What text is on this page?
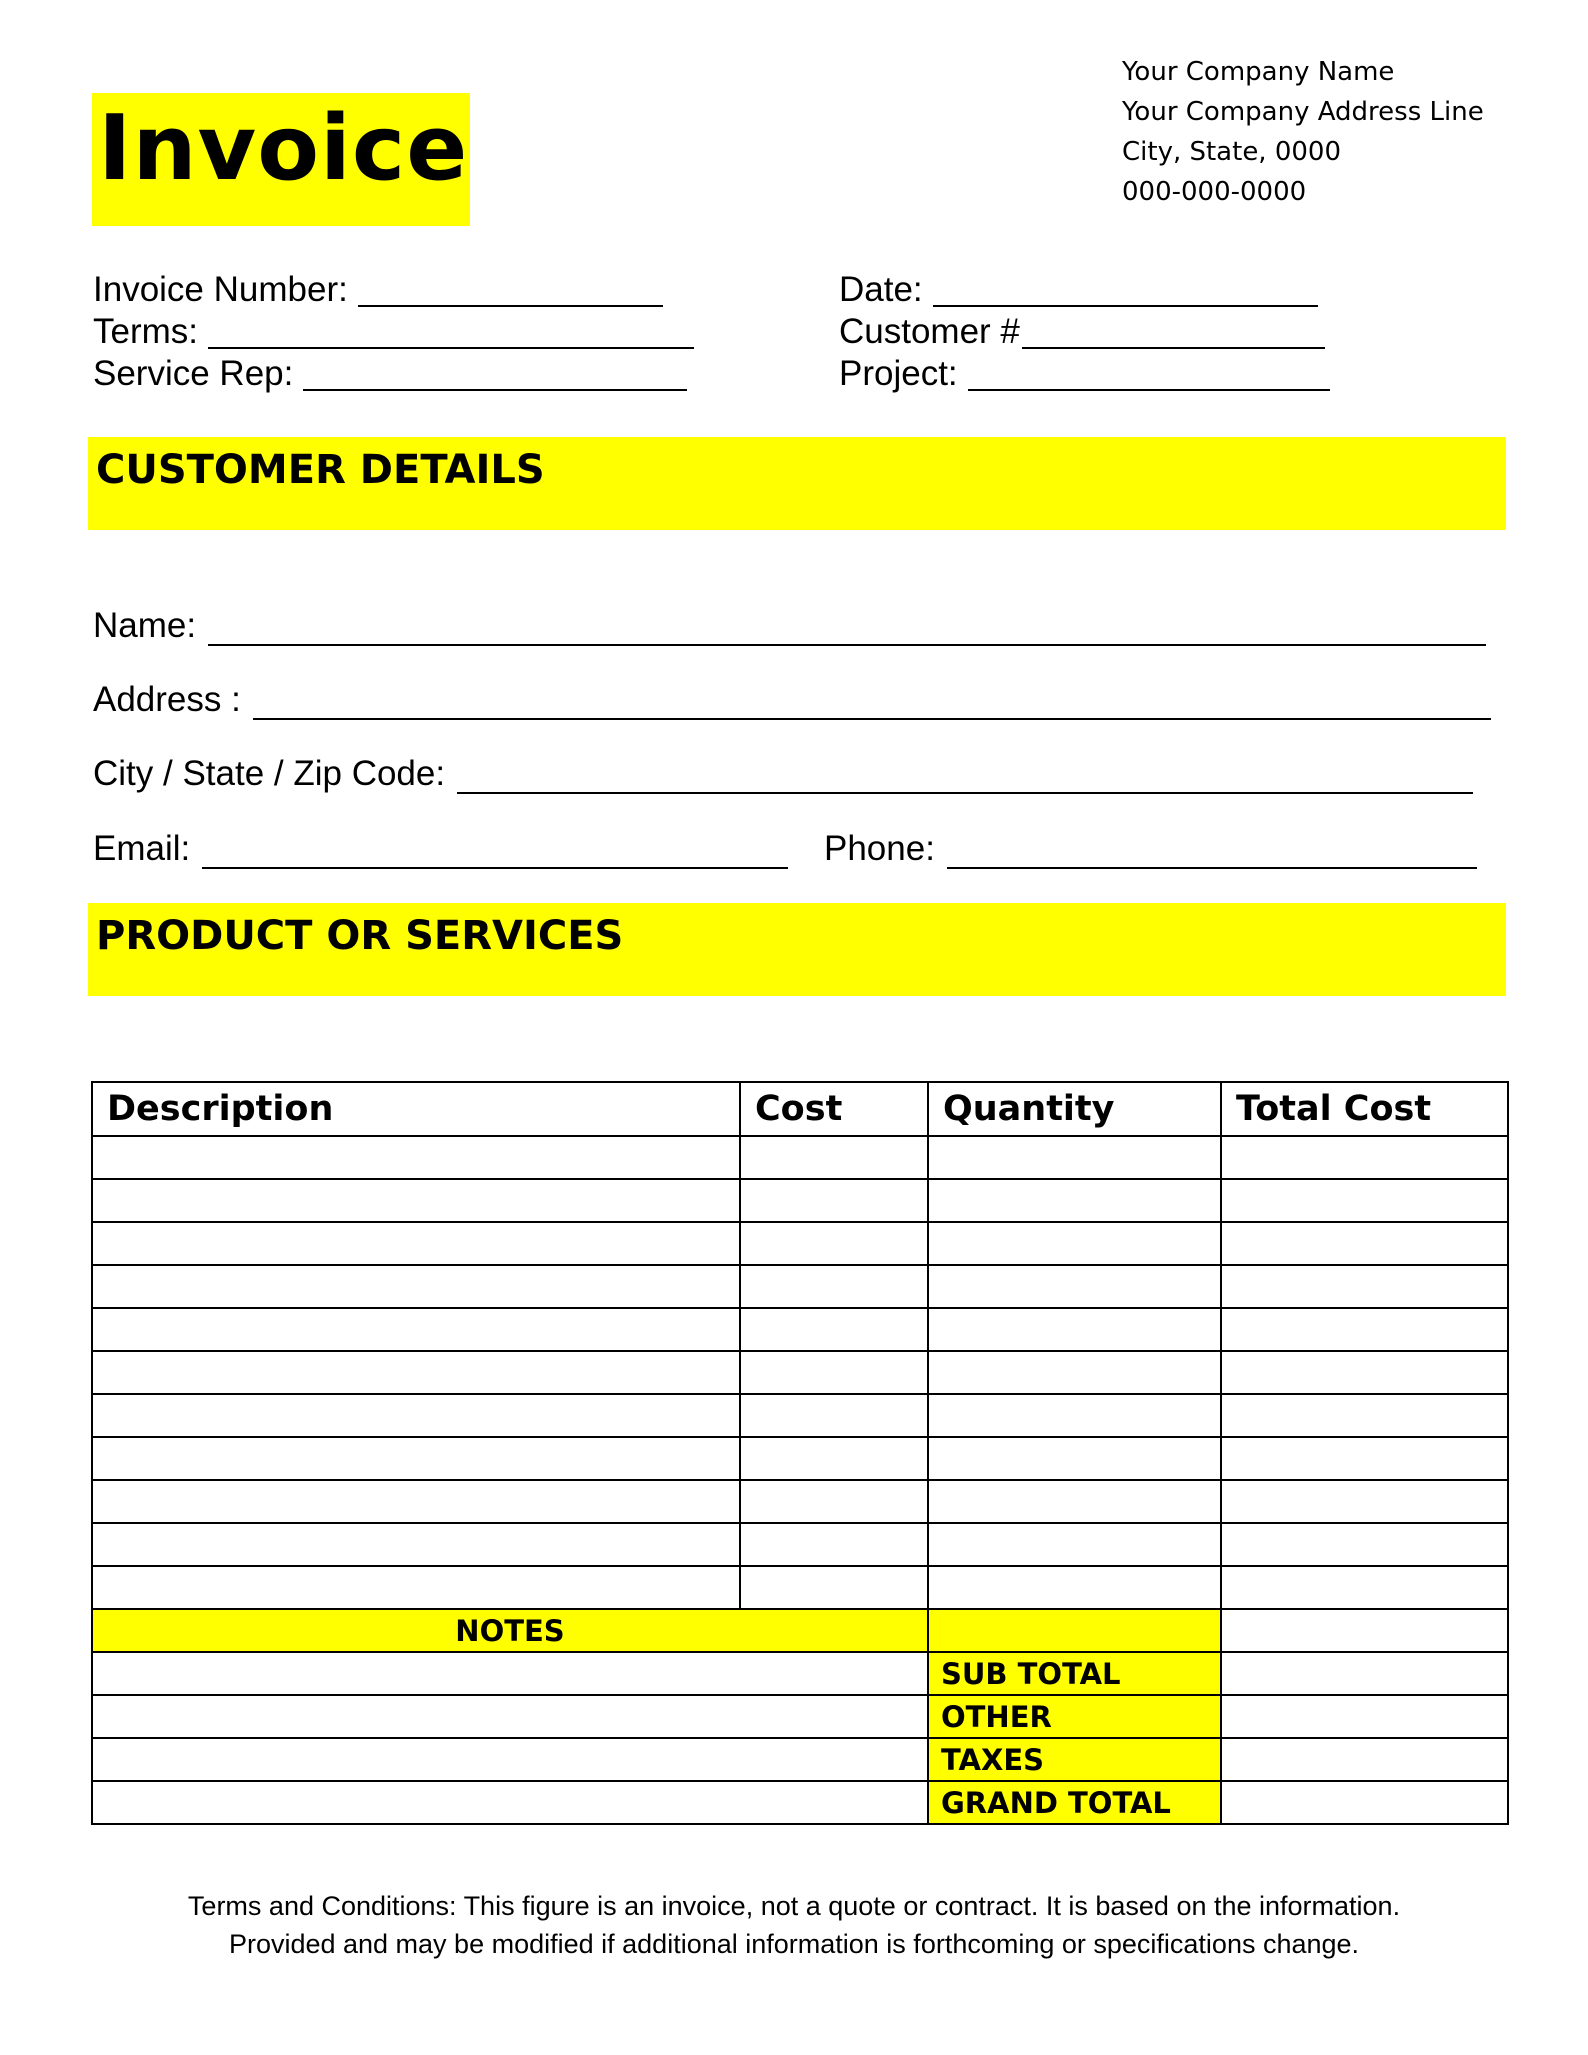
Invoice
Your Company Name
Your Company Address Line
City, State, 0000
000-000-0000
Invoice Number:
Terms:
Service Rep:
Date:
Customer #
Project:
CUSTOMER DETAILS
Name:
Address :
City / State / Zip Code:
Email:	Phone:
PRODUCT OR SERVICES
Description	Cost	Quantity	Total Cost

NOTES			
		SUB TOTAL	
		OTHER	
		TAXES	
		GRAND TOTAL	
Terms and Conditions: This figure is an invoice, not a quote or contract. It is based on the information.
Provided and may be modified if additional information is forthcoming or specifications change.
